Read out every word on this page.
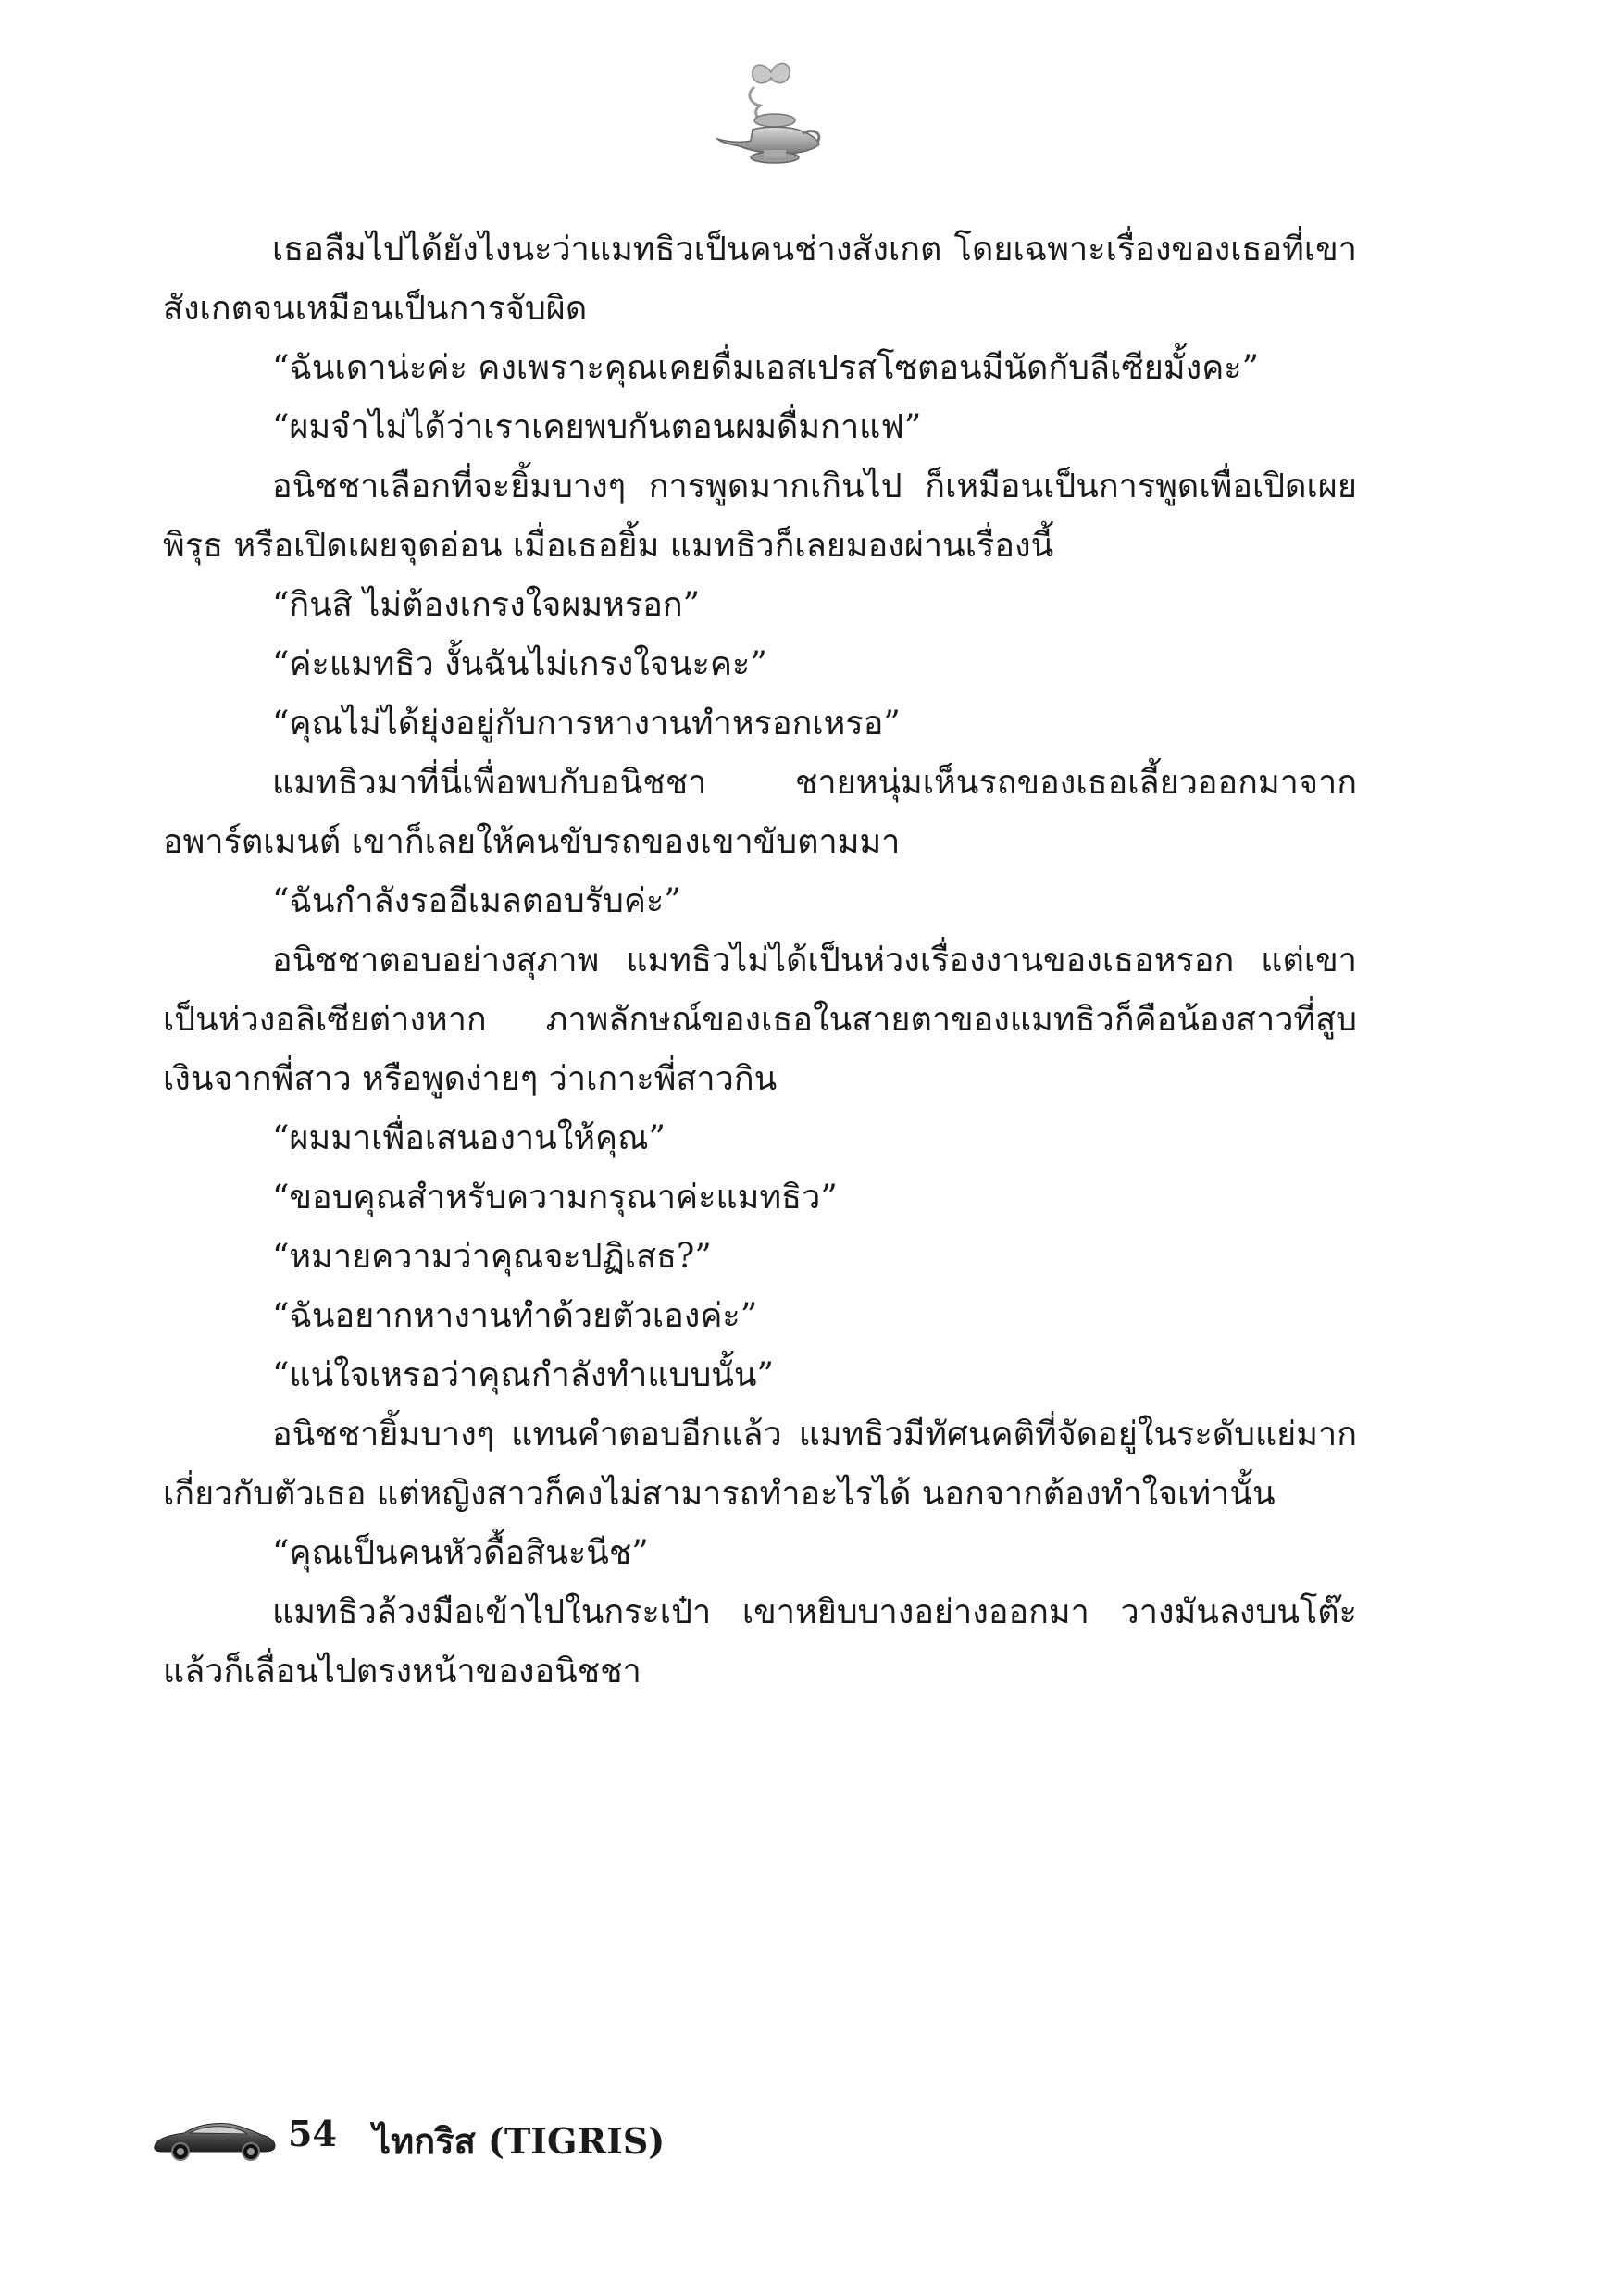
เธอลืมไปได้ยังไงนะว่าแมทธิวเป็นคนช่างสังเกต โดยเฉพาะเรื่องของเธอที่เขาสังเกตจนเหมือนเป็นการจับผิด

“ฉันเดาน่ะค่ะ คงเพราะคุณเคยดื่มเอสเปรสโซตอนมีนัดกับลีเซียมั้งคะ”

“ผมจำไม่ได้ว่าเราเคยพบกันตอนผมดื่มกาแฟ”

อนิชชาเลือกที่จะยิ้มบางๆ การพูดมากเกินไป ก็เหมือนเป็นการพูดเพื่อเปิดเผยพิรุธ หรือเปิดเผยจุดอ่อน เมื่อเธอยิ้ม แมทธิวก็เลยมองผ่านเรื่องนี้

“กินสิ ไม่ต้องเกรงใจผมหรอก”

“ค่ะแมทธิว งั้นฉันไม่เกรงใจนะคะ”

“คุณไม่ได้ยุ่งอยู่กับการหางานทำหรอกเหรอ”

แมทธิวมาที่นี่เพื่อพบกับอนิชชา ชายหนุ่มเห็นรถของเธอเลี้ยวออกมาจากอพาร์ตเมนต์ เขาก็เลยให้คนขับรถของเขาขับตามมา

“ฉันกำลังรออีเมลตอบรับค่ะ”

อนิชชาตอบอย่างสุภาพ แมทธิวไม่ได้เป็นห่วงเรื่องงานของเธอหรอก แต่เขาเป็นห่วงอลิเซียต่างหาก ภาพลักษณ์ของเธอในสายตาของแมทธิวก็คือน้องสาวที่สูบเงินจากพี่สาว หรือพูดง่ายๆ ว่าเกาะพี่สาวกิน

“ผมมาเพื่อเสนองานให้คุณ”

“ขอบคุณสำหรับความกรุณาค่ะแมทธิว”

“หมายความว่าคุณจะปฏิเสธ?”

“ฉันอยากหางานทำด้วยตัวเองค่ะ”

“แน่ใจเหรอว่าคุณกำลังทำแบบนั้น”

อนิชชายิ้มบางๆ แทนคำตอบอีกแล้ว แมทธิวมีทัศนคติที่จัดอยู่ในระดับแย่มากเกี่ยวกับตัวเธอ แต่หญิงสาวก็คงไม่สามารถทำอะไรได้ นอกจากต้องทำใจเท่านั้น

“คุณเป็นคนหัวดื้อสินะนีช”

แมทธิวล้วงมือเข้าไปในกระเป๋า เขาหยิบบางอย่างออกมา วางมันลงบนโต๊ะ แล้วก็เลื่อนไปตรงหน้าของอนิชชา

54 ไทกริส (TIGRIS)
